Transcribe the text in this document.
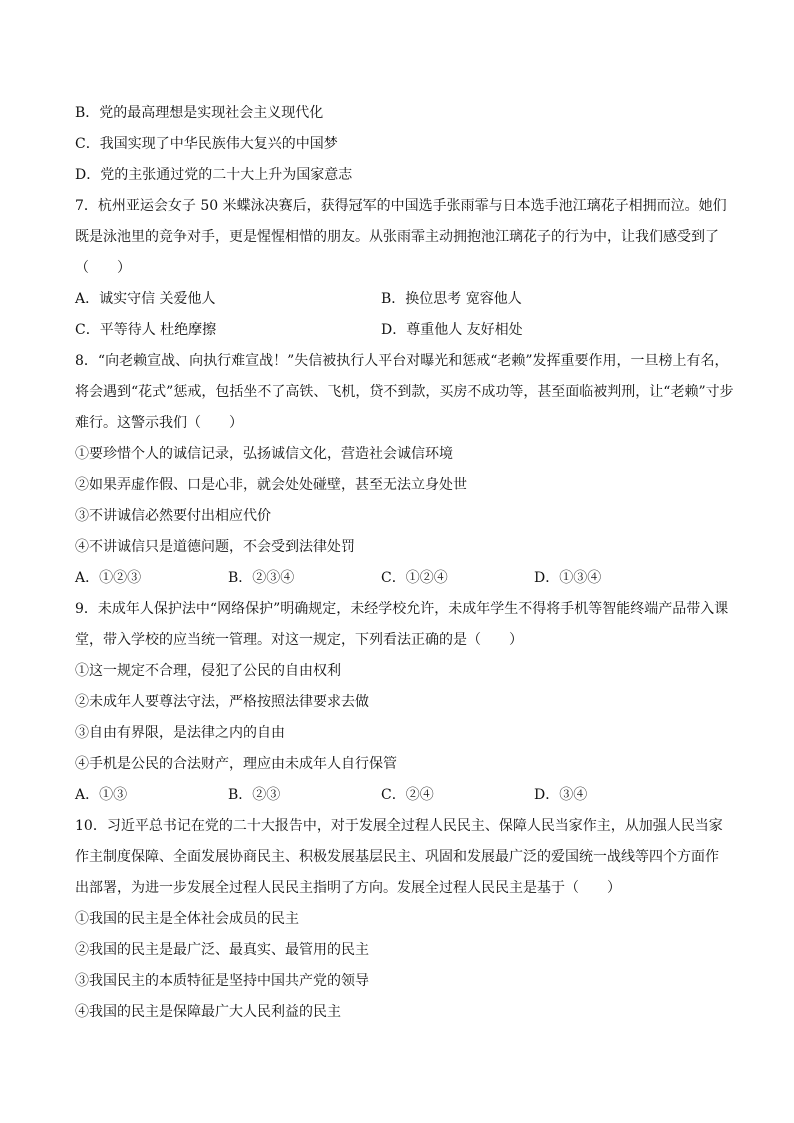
B．党的最高理想是实现社会主义现代化
C．我国实现了中华民族伟大复兴的中国梦
D．党的主张通过党的二十大上升为国家意志
7．杭州亚运会女子 50 米蝶泳决赛后，获得冠军的中国选手张雨霏与日本选手池江璃花子相拥而泣。她们
既是泳池里的竞争对手，更是惺惺相惜的朋友。从张雨霏主动拥抱池江璃花子的行为中，让我们感受到了
（　　）
A．诚实守信 关爱他人	B．换位思考 宽容他人
C．平等待人 杜绝摩擦	D．尊重他人 友好相处
8．“向老赖宣战、向执行难宣战！”失信被执行人平台对曝光和惩戒“老赖”发挥重要作用，一旦榜上有名，
将会遇到“花式”惩戒，包括坐不了高铁、飞机，贷不到款，买房不成功等，甚至面临被判刑，让“老赖”寸步
难行。这警示我们（　　）
①要珍惜个人的诚信记录，弘扬诚信文化，营造社会诚信环境
②如果弄虚作假、口是心非，就会处处碰壁，甚至无法立身处世
③不讲诚信必然要付出相应代价
④不讲诚信只是道德问题，不会受到法律处罚
A．①②③	B．②③④	C．①②④	D．①③④
9．未成年人保护法中“网络保护”明确规定，未经学校允许，未成年学生不得将手机等智能终端产品带入课
堂，带入学校的应当统一管理。对这一规定，下列看法正确的是（　　）
①这一规定不合理，侵犯了公民的自由权利
②未成年人要尊法守法，严格按照法律要求去做
③自由有界限，是法律之内的自由
④手机是公民的合法财产，理应由未成年人自行保管
A．①③	B．②③	C．②④	D．③④
10．习近平总书记在党的二十大报告中，对于发展全过程人民民主、保障人民当家作主，从加强人民当家
作主制度保障、全面发展协商民主、积极发展基层民主、巩固和发展最广泛的爱国统一战线等四个方面作
出部署，为进一步发展全过程人民民主指明了方向。发展全过程人民民主是基于（　　）
①我国的民主是全体社会成员的民主
②我国的民主是最广泛、最真实、最管用的民主
③我国民主的本质特征是坚持中国共产党的领导
④我国的民主是保障最广大人民利益的民主
